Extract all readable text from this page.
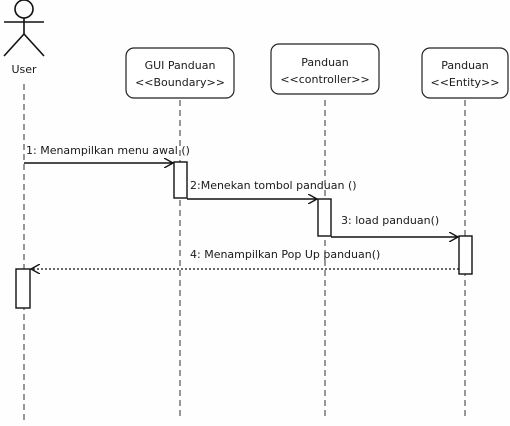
User	GUI Panduan
<<Boundary>>
Panduan
<<controller>>
Panduan
<<Entity>>
1: Menampilkan menu awal ()
2:Menekan tombol panduan ()
3: load panduan()
4: Menampilkan Pop Up panduan()
